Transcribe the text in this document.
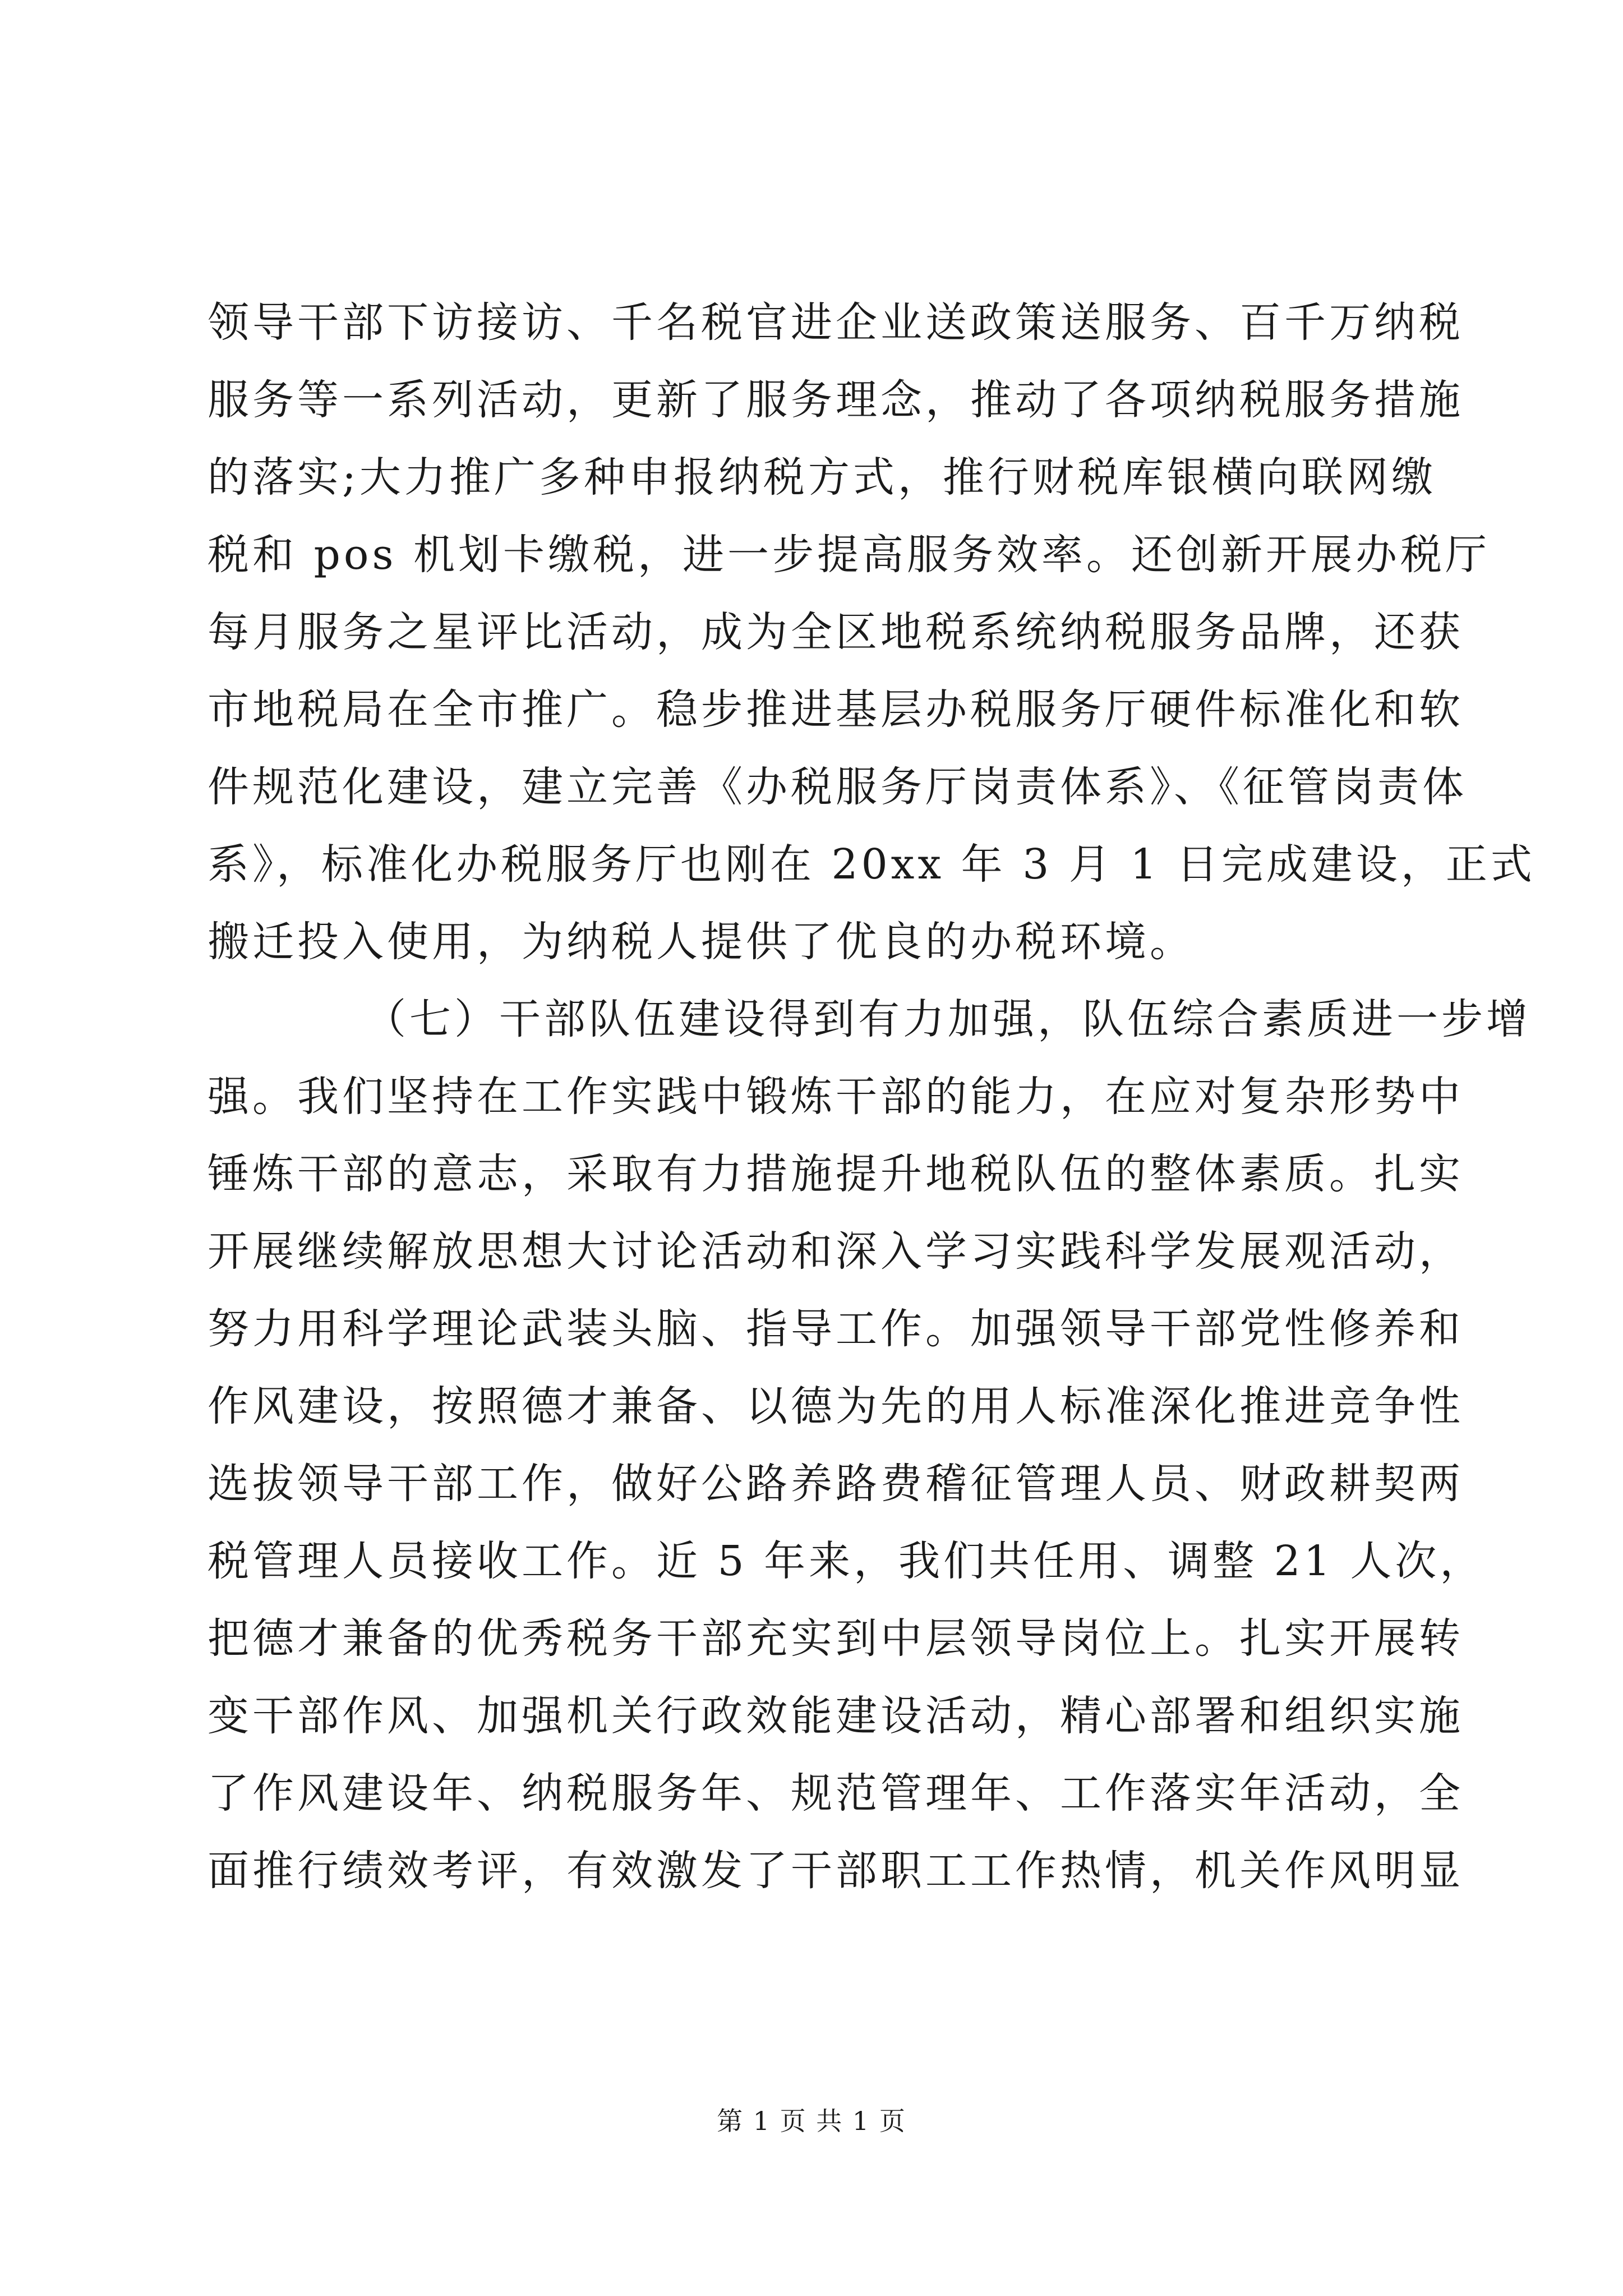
领导干部下访接访、千名税官进企业送政策送服务、百千万纳税
服务等一系列活动，更新了服务理念，推动了各项纳税服务措施
的落实;大力推广多种申报纳税方式，推行财税库银横向联网缴
税和 pos 机划卡缴税，进一步提高服务效率。还创新开展办税厅
每月服务之星评比活动，成为全区地税系统纳税服务品牌，还获
市地税局在全市推广。稳步推进基层办税服务厅硬件标准化和软
件规范化建设，建立完善《办税服务厅岗责体系》、《征管岗责体
系》，标准化办税服务厅也刚在 20xx 年 3 月 1 日完成建设，正式
搬迁投入使用，为纳税人提供了优良的办税环境。
（七）干部队伍建设得到有力加强，队伍综合素质进一步增
强。我们坚持在工作实践中锻炼干部的能力，在应对复杂形势中
锤炼干部的意志，采取有力措施提升地税队伍的整体素质。扎实
开展继续解放思想大讨论活动和深入学习实践科学发展观活动，
努力用科学理论武装头脑、指导工作。加强领导干部党性修养和
作风建设，按照德才兼备、以德为先的用人标准深化推进竞争性
选拔领导干部工作，做好公路养路费稽征管理人员、财政耕契两
税管理人员接收工作。近 5 年来，我们共任用、调整 21 人次，
把德才兼备的优秀税务干部充实到中层领导岗位上。扎实开展转
变干部作风、加强机关行政效能建设活动，精心部署和组织实施
了作风建设年、纳税服务年、规范管理年、工作落实年活动，全
面推行绩效考评，有效激发了干部职工工作热情，机关作风明显
第 1 页 共 1 页
